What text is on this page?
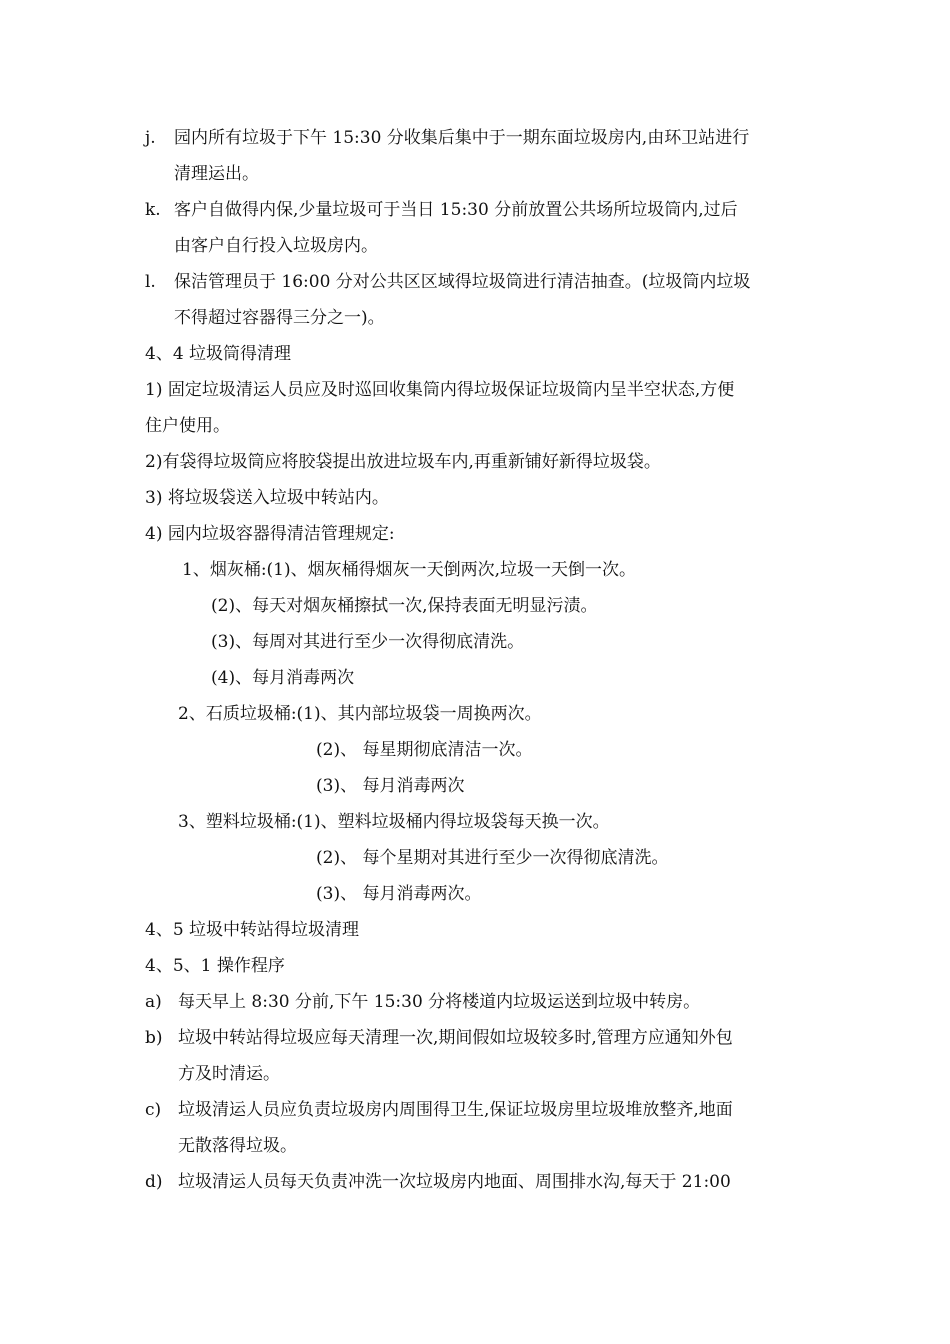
j. 园内所有垃圾于下午 15:30 分收集后集中于一期东面垃圾房内,由环卫站进行
清理运出。
k. 客户自做得内保,少量垃圾可于当日 15:30 分前放置公共场所垃圾筒内,过后
由客户自行投入垃圾房内。
l. 保洁管理员于 16:00 分对公共区区域得垃圾筒进行清洁抽查。(垃圾筒内垃圾
不得超过容器得三分之一)。
4、4 垃圾筒得清理
1) 固定垃圾清运人员应及时巡回收集筒内得垃圾保证垃圾筒内呈半空状态,方便
住户使用。
2)有袋得垃圾筒应将胶袋提出放进垃圾车内,再重新铺好新得垃圾袋。
3) 将垃圾袋送入垃圾中转站内。
4) 园内垃圾容器得清洁管理规定:
1、烟灰桶:(1)、烟灰桶得烟灰一天倒两次,垃圾一天倒一次。
(2)、每天对烟灰桶擦拭一次,保持表面无明显污渍。
(3)、每周对其进行至少一次得彻底清洗。
(4)、每月消毒两次
2、石质垃圾桶:(1)、其内部垃圾袋一周换两次。
(2)、 每星期彻底清洁一次。
(3)、 每月消毒两次
3、塑料垃圾桶:(1)、塑料垃圾桶内得垃圾袋每天换一次。
(2)、 每个星期对其进行至少一次得彻底清洗。
(3)、 每月消毒两次。
4、5 垃圾中转站得垃圾清理
4、5、1 操作程序
a) 每天早上 8:30 分前,下午 15:30 分将楼道内垃圾运送到垃圾中转房。
b) 垃圾中转站得垃圾应每天清理一次,期间假如垃圾较多时,管理方应通知外包
方及时清运。
c) 垃圾清运人员应负责垃圾房内周围得卫生,保证垃圾房里垃圾堆放整齐,地面
无散落得垃圾。
d) 垃圾清运人员每天负责冲洗一次垃圾房内地面、周围排水沟,每天于 21:00
